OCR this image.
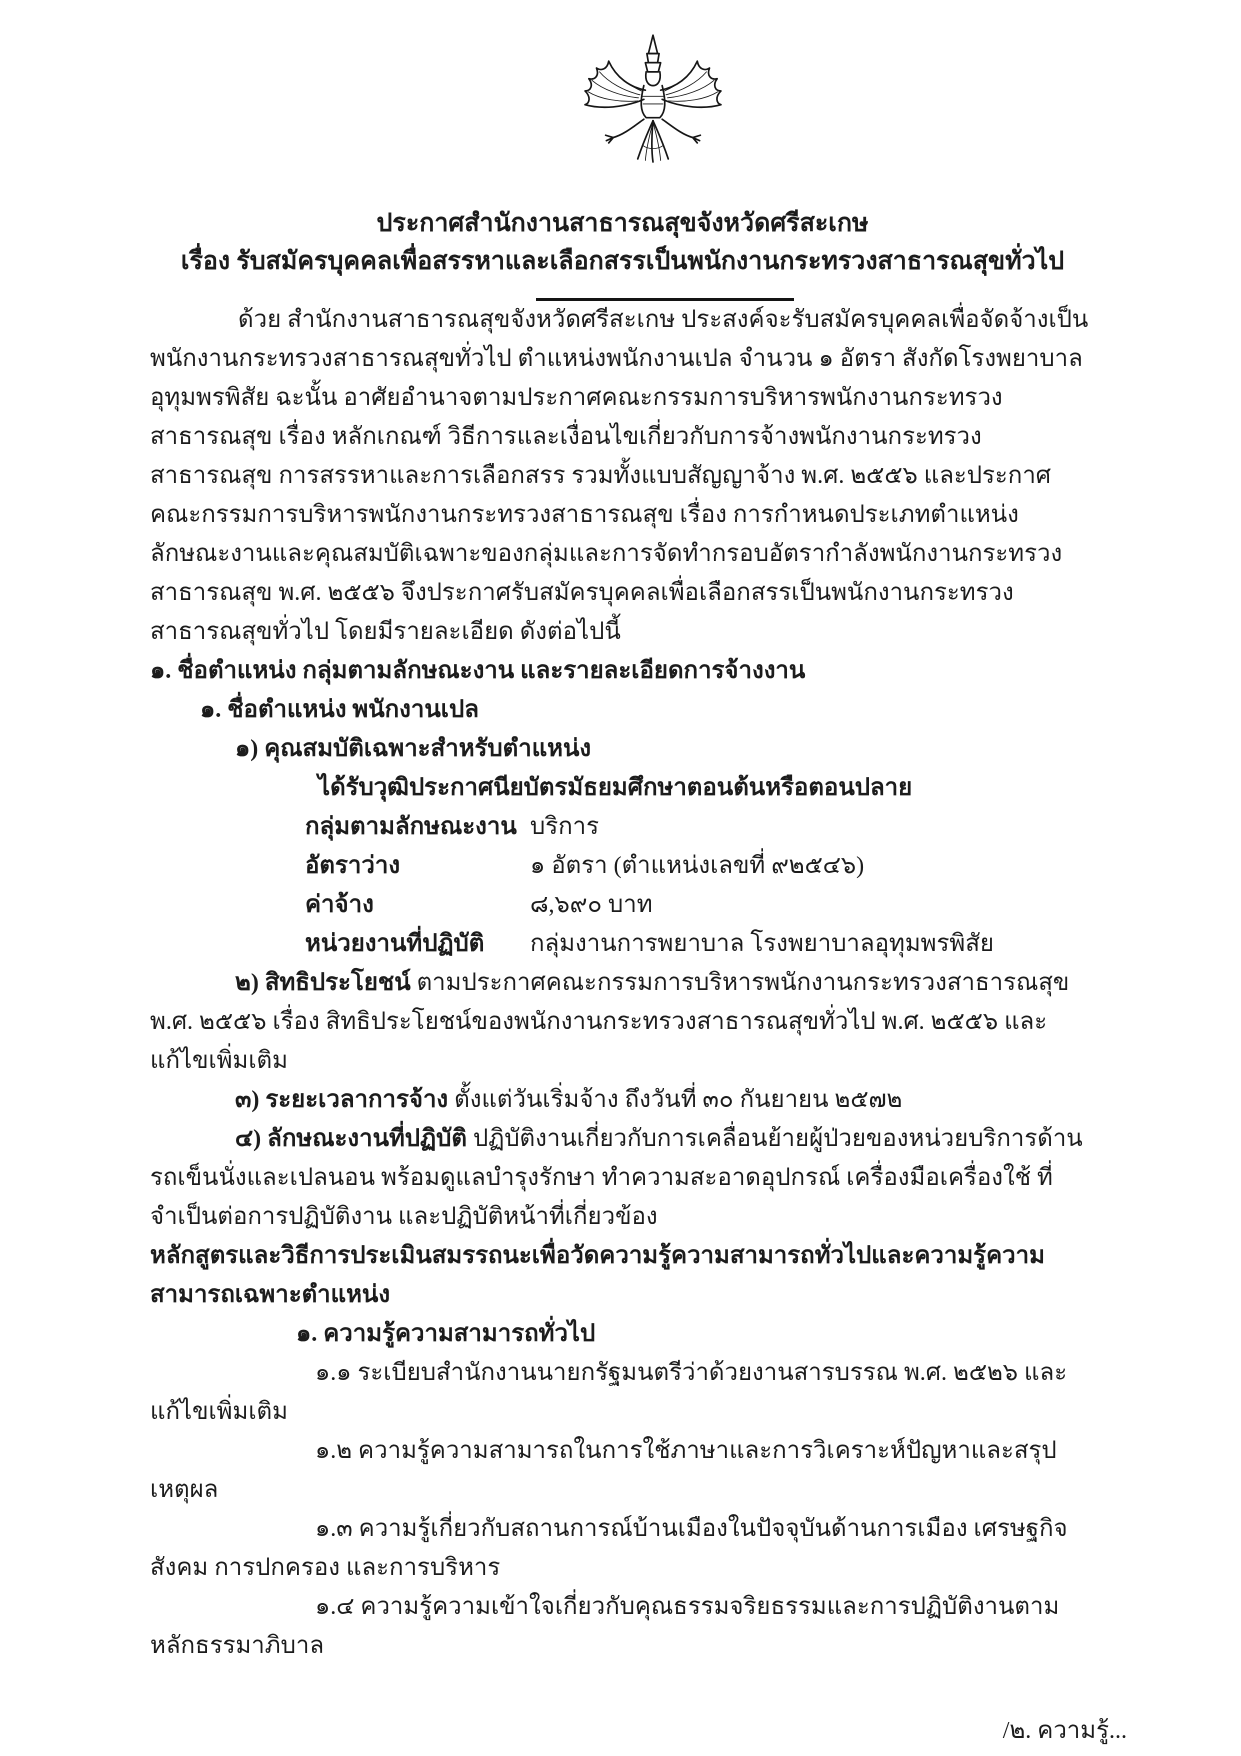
ประกาศสำนักงานสาธารณสุขจังหวัดศรีสะเกษ
เรื่อง รับสมัครบุคคลเพื่อสรรหาและเลือกสรรเป็นพนักงานกระทรวงสาธารณสุขทั่วไป

ด้วย สำนักงานสาธารณสุขจังหวัดศรีสะเกษ ประสงค์จะรับสมัครบุคคลเพื่อจัดจ้างเป็นพนักงานกระทรวงสาธารณสุขทั่วไป ตำแหน่งพนักงานเปล จำนวน ๑ อัตรา สังกัดโรงพยาบาลอุทุมพรพิสัย ฉะนั้น อาศัยอำนาจตามประกาศคณะกรรมการบริหารพนักงานกระทรวงสาธารณสุข เรื่อง หลักเกณฑ์ วิธีการและเงื่อนไขเกี่ยวกับการจ้างพนักงานกระทรวงสาธารณสุข การสรรหาและการเลือกสรร รวมทั้งแบบสัญญาจ้าง พ.ศ. ๒๕๕๖ และประกาศคณะกรรมการบริหารพนักงานกระทรวงสาธารณสุข เรื่อง การกำหนดประเภทตำแหน่ง ลักษณะงานและคุณสมบัติเฉพาะของกลุ่มและการจัดทำกรอบอัตรากำลังพนักงานกระทรวงสาธารณสุข พ.ศ. ๒๕๕๖ จึงประกาศรับสมัครบุคคลเพื่อเลือกสรรเป็นพนักงานกระทรวงสาธารณสุขทั่วไป โดยมีรายละเอียด ดังต่อไปนี้

๑. ชื่อตำแหน่ง กลุ่มตามลักษณะงาน และรายละเอียดการจ้างงาน
๑. ชื่อตำแหน่ง พนักงานเปล
๑) คุณสมบัติเฉพาะสำหรับตำแหน่ง
ได้รับวุฒิประกาศนียบัตรมัธยมศึกษาตอนต้นหรือตอนปลาย
กลุ่มตามลักษณะงาน บริการ
อัตราว่าง	๑ อัตรา (ตำแหน่งเลขที่ ๙๒๕๔๖)
ค่าจ้าง	๘,๖๙๐ บาท
หน่วยงานที่ปฏิบัติ	กลุ่มงานการพยาบาล โรงพยาบาลอุทุมพรพิสัย

๒) สิทธิประโยชน์ ตามประกาศคณะกรรมการบริหารพนักงานกระทรวงสาธารณสุข พ.ศ. ๒๕๕๖ เรื่อง สิทธิประโยชน์ของพนักงานกระทรวงสาธารณสุขทั่วไป พ.ศ. ๒๕๕๖ และแก้ไขเพิ่มเติม

๓) ระยะเวลาการจ้าง ตั้งแต่วันเริ่มจ้าง ถึงวันที่ ๓๐ กันยายน ๒๕๗๒

๔) ลักษณะงานที่ปฏิบัติ ปฏิบัติงานเกี่ยวกับการเคลื่อนย้ายผู้ป่วยของหน่วยบริการด้านรถเข็นนั่งและเปลนอน พร้อมดูแลบำรุงรักษา ทำความสะอาดอุปกรณ์ เครื่องมือเครื่องใช้ ที่จำเป็นต่อการปฏิบัติงาน และปฏิบัติหน้าที่เกี่ยวข้อง

หลักสูตรและวิธีการประเมินสมรรถนะเพื่อวัดความรู้ความสามารถทั่วไปและความรู้ความสามารถเฉพาะตำแหน่ง
๑. ความรู้ความสามารถทั่วไป

๑.๑ ระเบียบสำนักงานนายกรัฐมนตรีว่าด้วยงานสารบรรณ พ.ศ. ๒๕๒๖ และแก้ไขเพิ่มเติม

๑.๒ ความรู้ความสามารถในการใช้ภาษาและการวิเคราะห์ปัญหาและสรุปเหตุผล

๑.๓ ความรู้เกี่ยวกับสถานการณ์บ้านเมืองในปัจจุบันด้านการเมือง เศรษฐกิจ สังคม การปกครอง และการบริหาร

๑.๔ ความรู้ความเข้าใจเกี่ยวกับคุณธรรมจริยธรรมและการปฏิบัติงานตามหลักธรรมาภิบาล

/๒. ความรู้...
